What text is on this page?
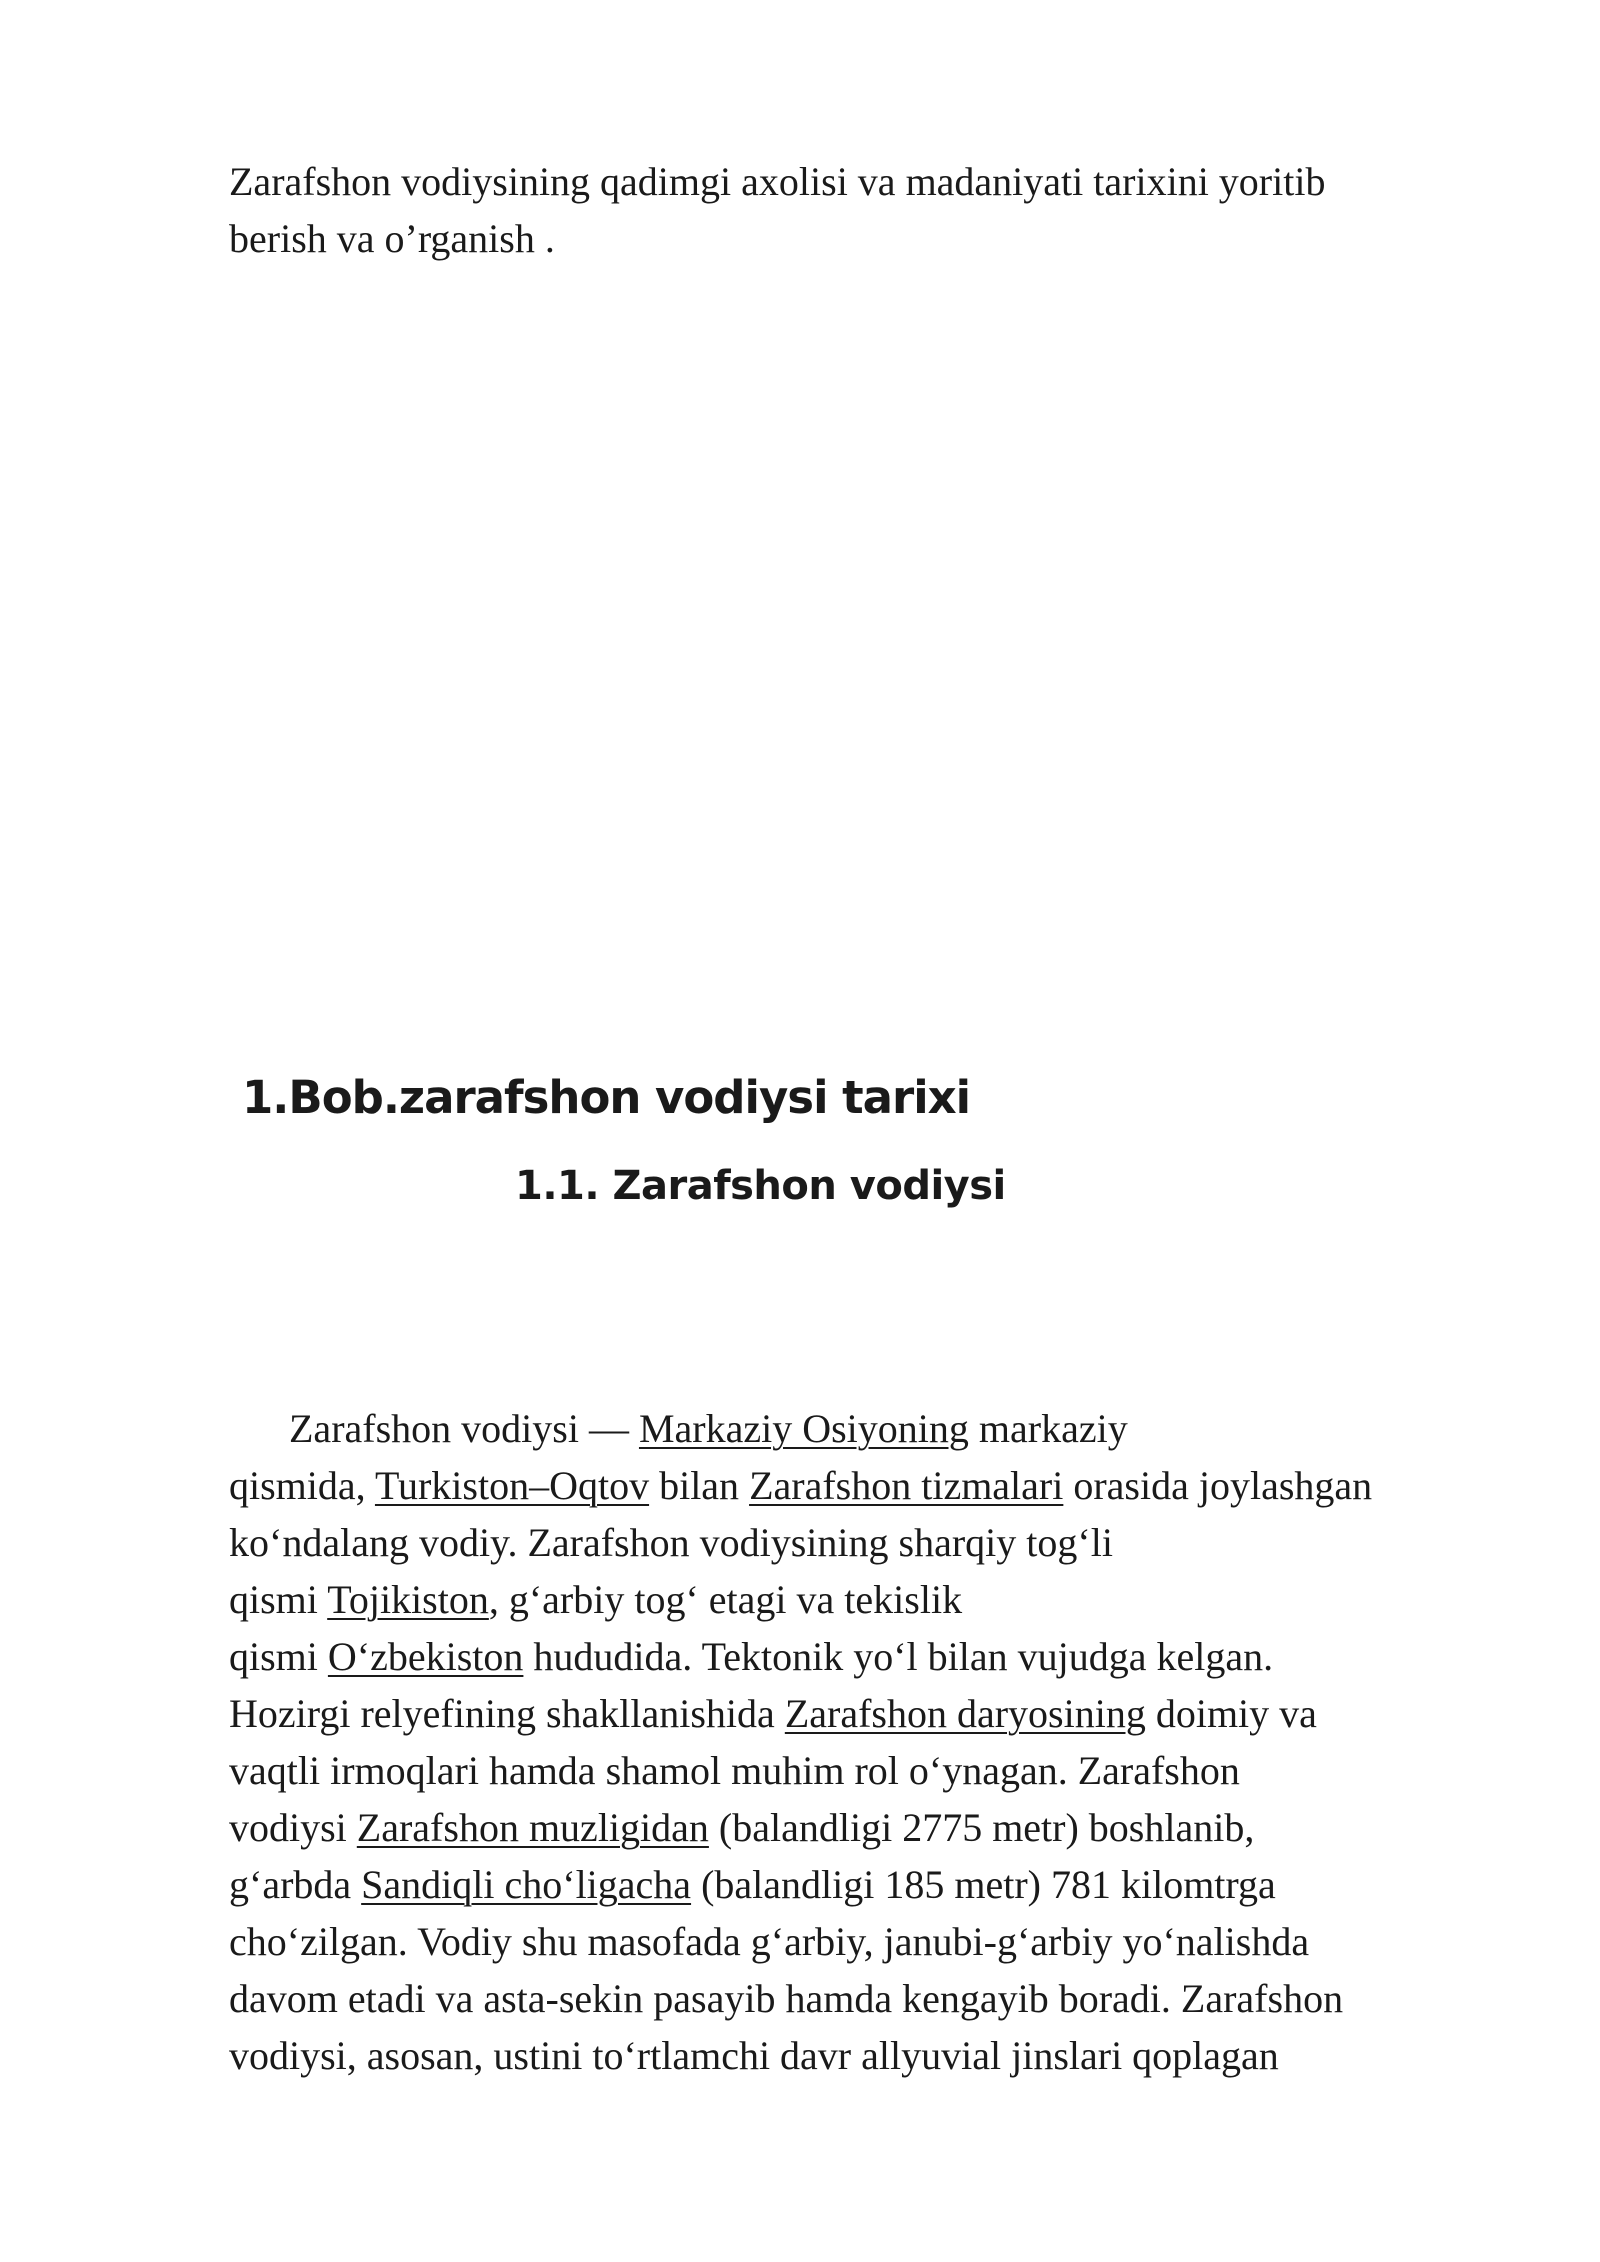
Zarafshon vodiysining qadimgi axolisi va madaniyati tarixini yoritib
berish va o’rganish .

1.Bob.zarafshon vodiysi tarixi
1.1. Zarafshon vodiysi
Zarafshon vodiysi — Markaziy Osiyoning markaziy
qismida, Turkiston–Oqtov bilan Zarafshon tizmalari orasida joylashgan
ko‘ndalang vodiy. Zarafshon vodiysining sharqiy tog‘li
qismi Tojikiston, g‘arbiy tog‘ etagi va tekislik
qismi O‘zbekiston hududida. Tektonik yo‘l bilan vujudga kelgan.
Hozirgi relyefining shakllanishida Zarafshon daryosining doimiy va
vaqtli irmoqlari hamda shamol muhim rol o‘ynagan. Zarafshon
vodiysi Zarafshon muzligidan (balandligi 2775 metr) boshlanib,
g‘arbda Sandiqli cho‘ligacha (balandligi 185 metr) 781 kilomtrga
cho‘zilgan. Vodiy shu masofada g‘arbiy, janubi-g‘arbiy yo‘nalishda
davom etadi va asta-sekin pasayib hamda kengayib boradi. Zarafshon
vodiysi, asosan, ustini to‘rtlamchi davr allyuvial jinslari qoplagan
